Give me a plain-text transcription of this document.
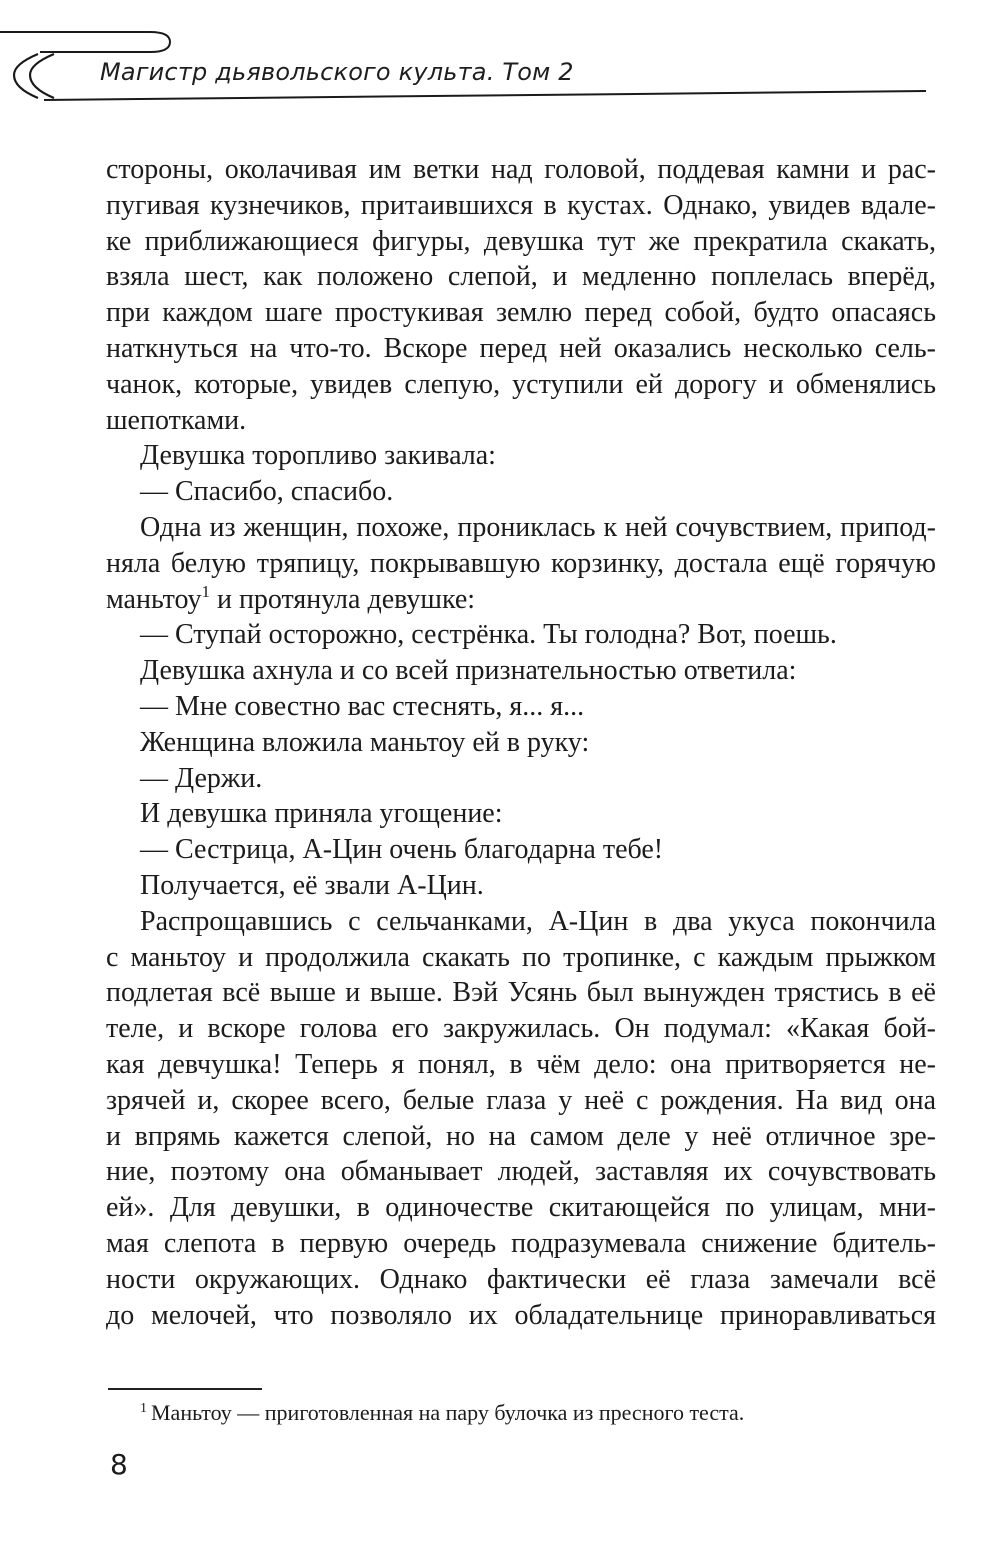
Магистр дьявольского культа. Том 2
стороны, околачивая им ветки над головой, поддевая камни и рас-
пугивая кузнечиков, притаившихся в кустах. Однако, увидев вдале-
ке приближающиеся фигуры, девушка тут же прекратила скакать,
взяла шест, как положено слепой, и медленно поплелась вперёд,
при каждом шаге простукивая землю перед собой, будто опасаясь
наткнуться на что-то. Вскоре перед ней оказались несколько сель-
чанок, которые, увидев слепую, уступили ей дорогу и обменялись
шепотками.
Девушка торопливо закивала:
— Спасибо, спасибо.
Одна из женщин, похоже, прониклась к ней сочувствием, припод-
няла белую тряпицу, покрывавшую корзинку, достала ещё горячую
маньтоу$^1$ и протянула девушке:
— Ступай осторожно, сестрёнка. Ты голодна? Вот, поешь.
Девушка ахнула и со всей признательностью ответила:
— Мне совестно вас стеснять, я... я...
Женщина вложила маньтоу ей в руку:
— Держи.
И девушка приняла угощение:
— Сестрица, А-Цин очень благодарна тебе!
Получается, её звали А-Цин.
Распрощавшись с сельчанками, А-Цин в два укуса покончила
с маньтоу и продолжила скакать по тропинке, с каждым прыжком
подлетая всё выше и выше. Вэй Усянь был вынужден трястись в её
теле, и вскоре голова его закружилась. Он подумал: «Какая бой-
кая девчушка! Теперь я понял, в чём дело: она притворяется не-
зрячей и, скорее всего, белые глаза у неё с рождения. На вид она
и впрямь кажется слепой, но на самом деле у неё отличное зре-
ние, поэтому она обманывает людей, заставляя их сочувствовать
ей». Для девушки, в одиночестве скитающейся по улицам, мни-
мая слепота в первую очередь подразумевала снижение бдитель-
ности окружающих. Однако фактически её глаза замечали всё
до мелочей, что позволяло их обладательнице приноравливаться
$^1$ Маньтоу — приготовленная на пару булочка из пресного теста.
8
